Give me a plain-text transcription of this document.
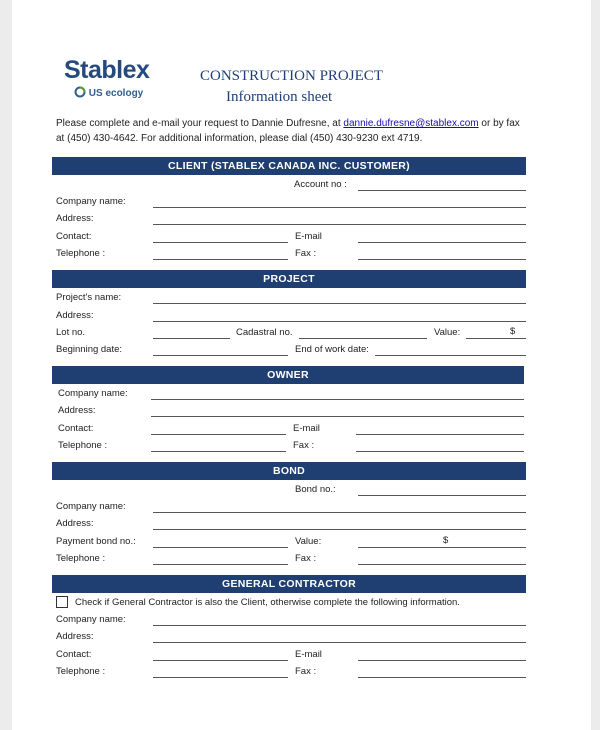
Stablex
US ecology
CONSTRUCTION PROJECT
Information sheet
Please complete and e-mail your request to Dannie Dufresne, at dannie.dufresne@stablex.com or by fax at (450) 430-4642. For additional information, please dial (450) 430-9230 ext 4719.
CLIENT (STABLEX CANADA INC. CUSTOMER)
Account no :
Company name:
Address:
Contact:	E-mail
Telephone :	Fax :
PROJECT
Project's name:
Address:
Lot no.	Cadastral no.	Value:	$
Beginning date:	End of work date:
OWNER
Company name:
Address:
Contact:	E-mail
Telephone :	Fax :
BOND
Bond no.:
Company name:
Address:
Payment bond no.:	Value:	$
Telephone :	Fax :
GENERAL CONTRACTOR
Check if General Contractor is also the Client, otherwise complete the following information.
Company name:
Address:
Contact:	E-mail
Telephone :	Fax :
